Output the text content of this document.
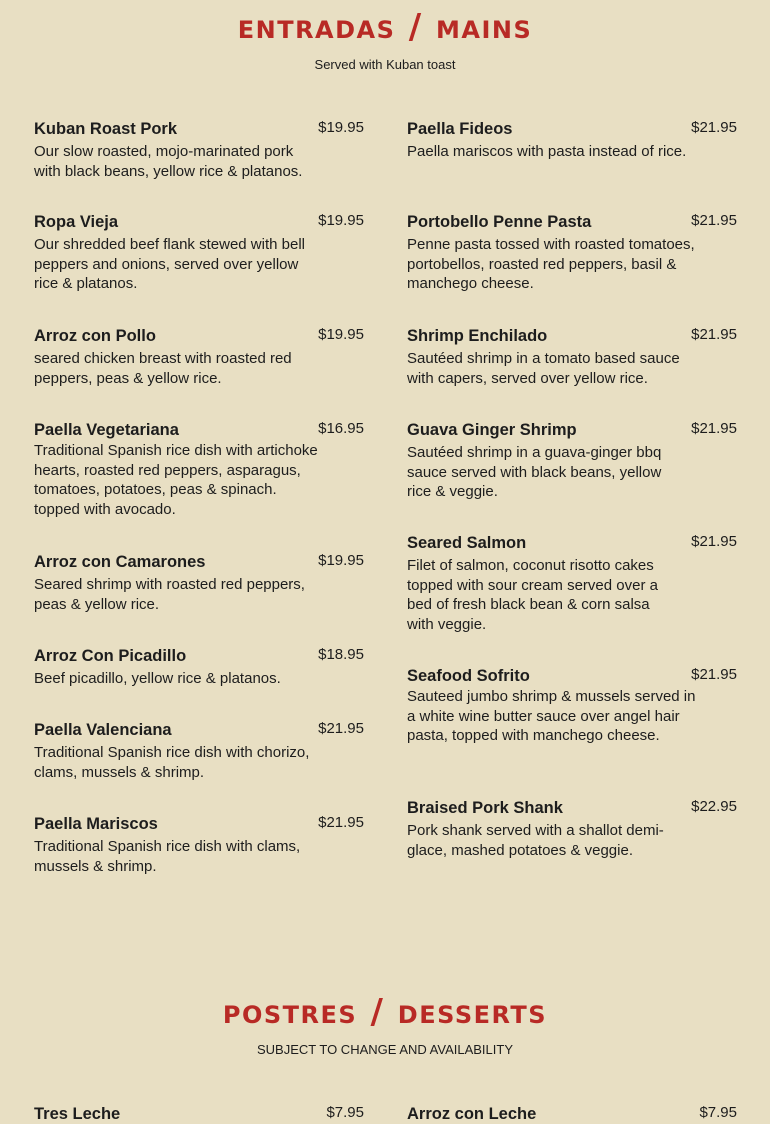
entradas / mains

Served with Kuban toast

Kuban Roast Pork	$19.95
Our slow roasted, mojo-marinated pork with black beans, yellow rice & platanos.
Ropa Vieja	$19.95
Our shredded beef flank stewed with bell peppers and onions, served over yellow rice & platanos.
Arroz con Pollo	$19.95
seared chicken breast with roasted red peppers, peas & yellow rice.
Paella Vegetariana	$16.95
Traditional Spanish rice dish with artichoke hearts, roasted red peppers, asparagus, tomatoes, potatoes, peas & spinach. topped with avocado.
Arroz con Camarones	$19.95
Seared shrimp with roasted red peppers, peas & yellow rice.
Arroz Con Picadillo	$18.95
Beef picadillo, yellow rice & platanos.
Paella Valenciana	$21.95
Traditional Spanish rice dish with chorizo, clams, mussels & shrimp.
Paella Mariscos	$21.95
Traditional Spanish rice dish with clams, mussels & shrimp.
Paella Fideos	$21.95
Paella mariscos with pasta instead of rice.
Portobello Penne Pasta	$21.95
Penne pasta tossed with roasted tomatoes, portobellos, roasted red peppers, basil & manchego cheese.
Shrimp Enchilado	$21.95
Sautéed shrimp in a tomato based sauce with capers, served over yellow rice.
Guava Ginger Shrimp	$21.95
Sautéed shrimp in a guava-ginger bbq sauce served with black beans, yellow rice & veggie.
Seared Salmon	$21.95
Filet of salmon, coconut risotto cakes topped with sour cream served over a bed of fresh black bean & corn salsa with veggie.
Seafood Sofrito	$21.95
Sauteed jumbo shrimp & mussels served in a white wine butter sauce over angel hair pasta, topped with manchego cheese.
Braised Pork Shank	$22.95
Pork shank served with a shallot demi-glace, mashed potatoes & veggie.
postres / desserts

SUBJECT TO CHANGE AND AVAILABILITY

Tres Leche	$7.95	Arroz con Leche	$7.95
